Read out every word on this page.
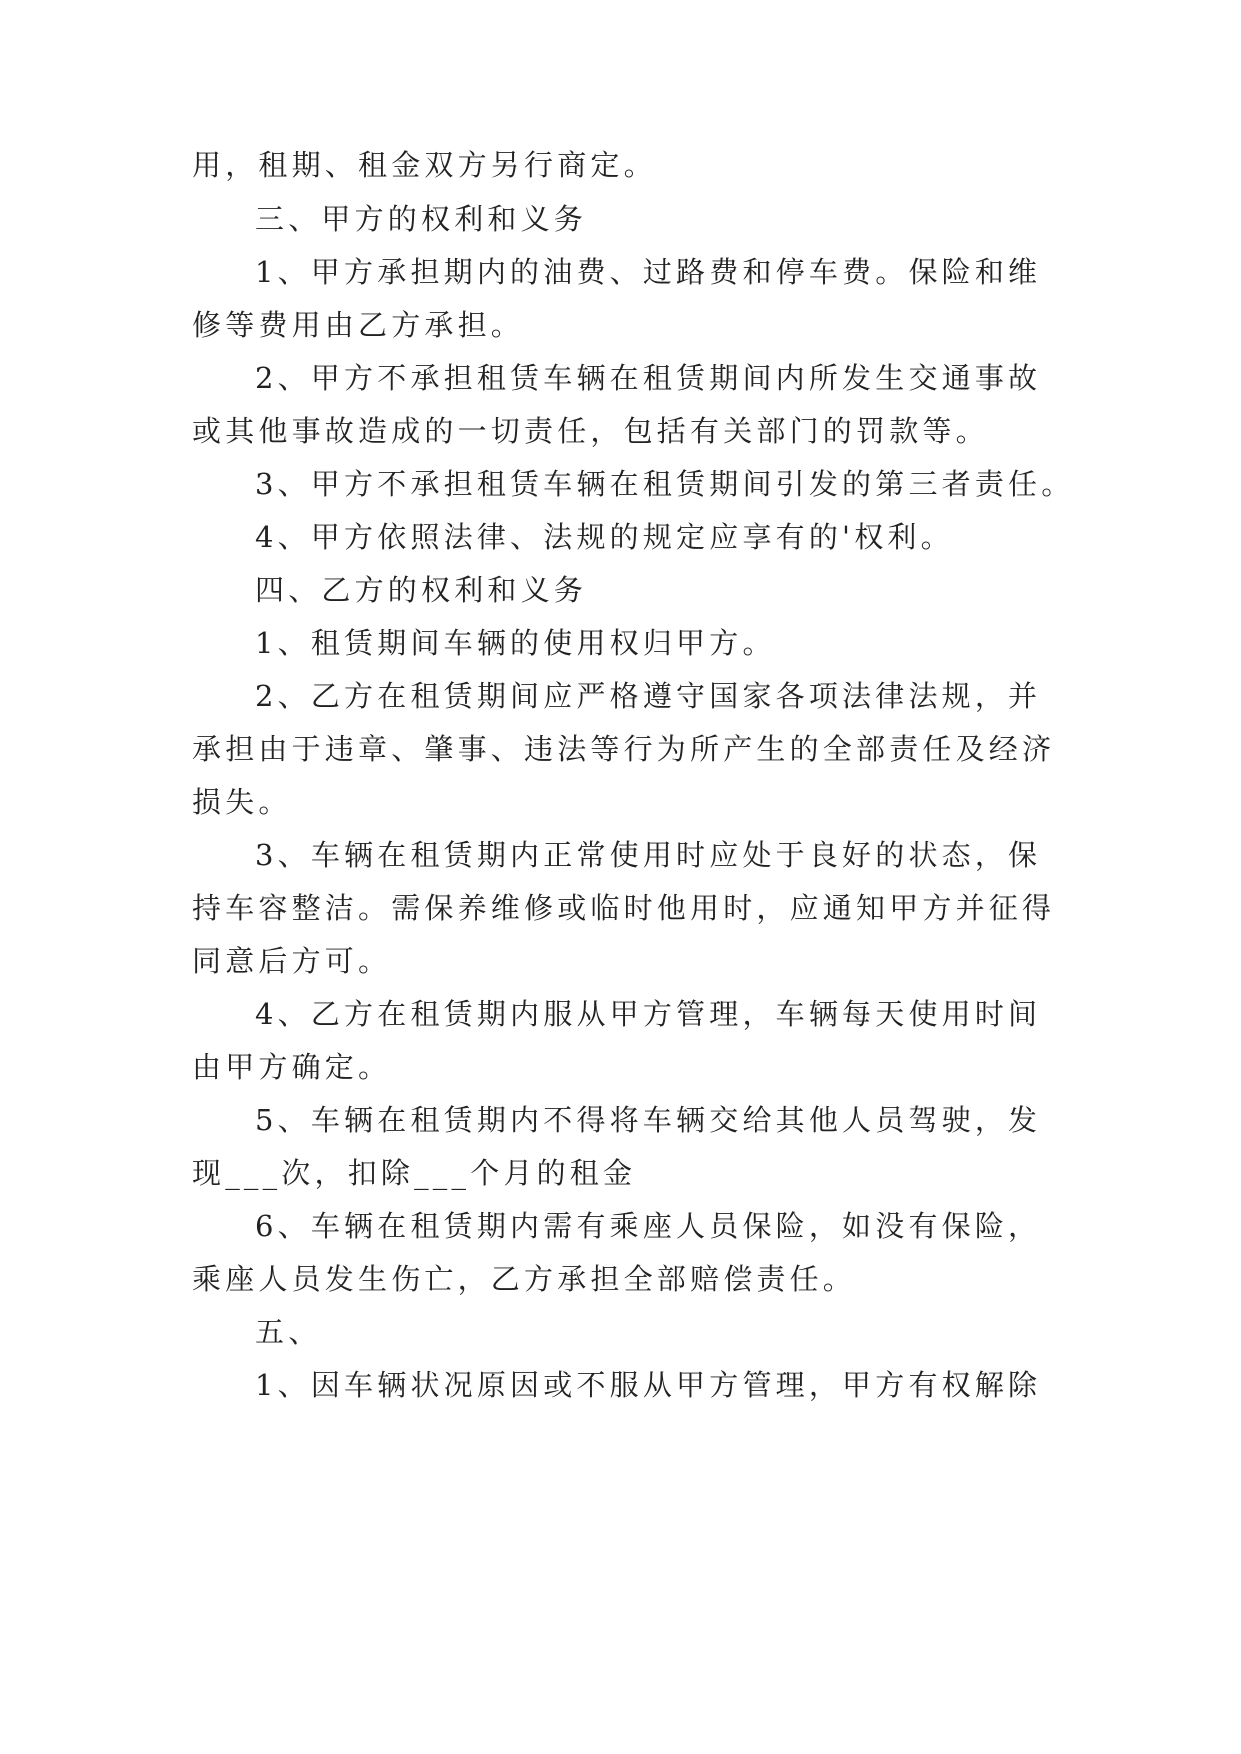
用，租期、租金双方另行商定。
三、甲方的权利和义务
1、甲方承担期内的油费、过路费和停车费。保险和维
修等费用由乙方承担。
2、甲方不承担租赁车辆在租赁期间内所发生交通事故
或其他事故造成的一切责任，包括有关部门的罚款等。
3、甲方不承担租赁车辆在租赁期间引发的第三者责任。
4、甲方依照法律、法规的规定应享有的'权利。
四、乙方的权利和义务
1、租赁期间车辆的使用权归甲方。
2、乙方在租赁期间应严格遵守国家各项法律法规，并
承担由于违章、肇事、违法等行为所产生的全部责任及经济
损失。
3、车辆在租赁期内正常使用时应处于良好的状态，保
持车容整洁。需保养维修或临时他用时，应通知甲方并征得
同意后方可。
4、乙方在租赁期内服从甲方管理，车辆每天使用时间
由甲方确定。
5、车辆在租赁期内不得将车辆交给其他人员驾驶，发
现___次，扣除___个月的租金
6、车辆在租赁期内需有乘座人员保险，如没有保险，
乘座人员发生伤亡，乙方承担全部赔偿责任。
五、
1、因车辆状况原因或不服从甲方管理，甲方有权解除
